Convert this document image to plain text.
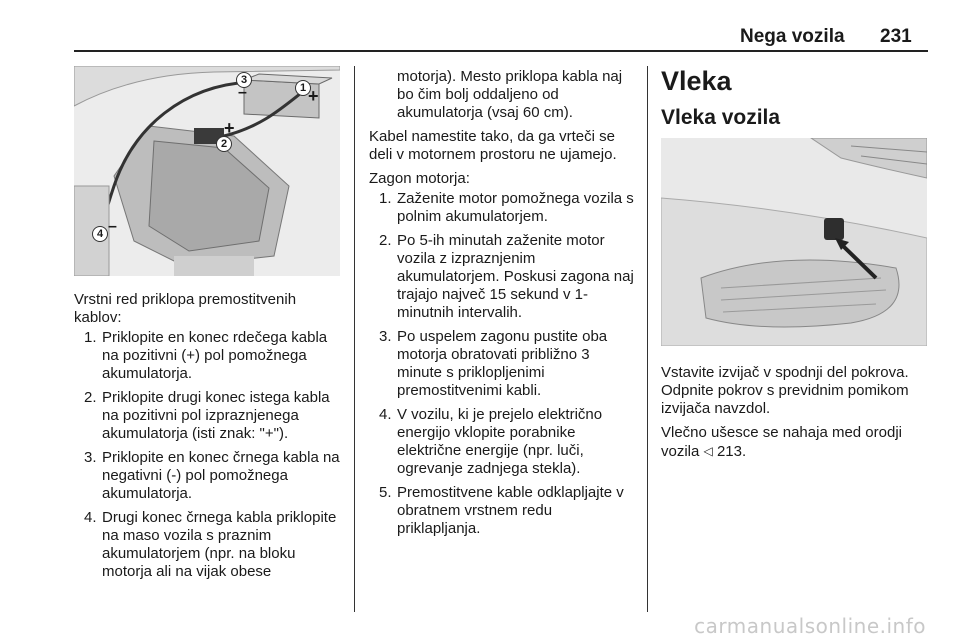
Nega vozila 231
3
1
2
4
+
+
–
–

Vrstni red priklopa premostitvenih kablov:

1. Priklopite en konec rdečega kabla na pozitivni (+) pol pomožnega akumulatorja.
2. Priklopite drugi konec istega kabla na pozitivni pol izpraznjenega akumulatorja (isti znak: "+").
3. Priklopite en konec črnega kabla na negativni (-) pol pomožnega akumulatorja.
4. Drugi konec črnega kabla priklopite na maso vozila s praznim akumulatorjem (npr. na bloku motorja ali na vijak obese

motorja). Mesto priklopa kabla naj bo čim bolj oddaljeno od akumulatorja (vsaj 60 cm).

Kabel namestite tako, da ga vrteči se deli v motornem prostoru ne ujamejo.

Zagon motorja:

1. Zaženite motor pomožnega vozila s polnim akumulatorjem.
2. Po 5-ih minutah zaženite motor vozila z izpraznjenim akumulatorjem. Poskusi zagona naj trajajo največ 15 sekund v 1-minutnih intervalih.
3. Po uspelem zagonu pustite oba motorja obratovati približno 3 minute s priklopljenimi premostitvenimi kabli.
4. V vozilu, ki je prejelo električno energijo vklopite porabnike električne energije (npr. luči, ogrevanje zadnjega stekla).
5. Premostitvene kable odklapljajte v obratnem vrstnem redu priklapljanja.
Vleka
Vleka vozila

Vstavite izvijač v spodnji del pokrova. Odpnite pokrov s previdnim pomikom izvijača navzdol.

Vlečno ušesce se nahaja med orodji vozila ◁ 213.

carmanualsonline.info
